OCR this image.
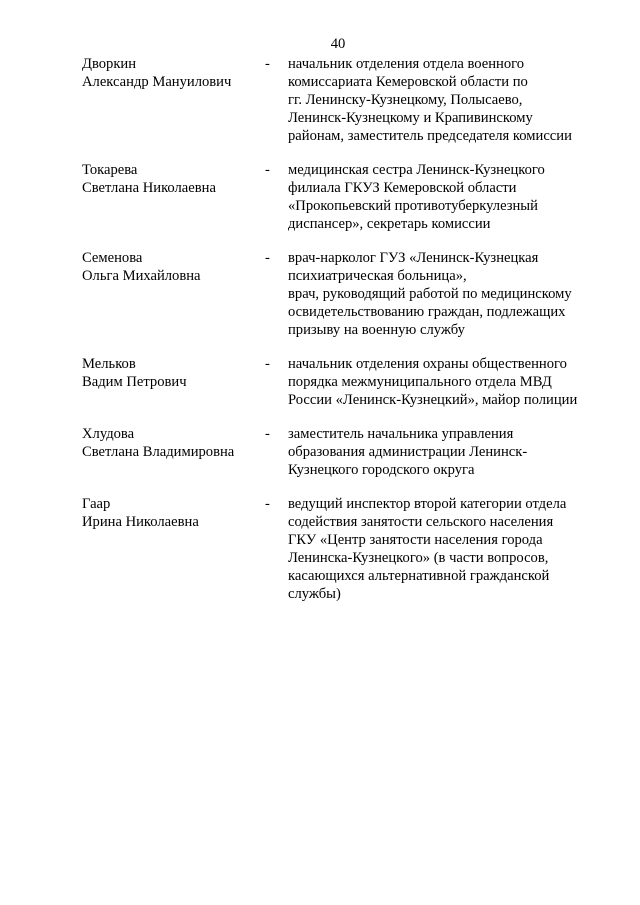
40
Дворкин
Александр Мануилович
- начальник отделения отдела военного
комиссариата Кемеровской области по
гг. Ленинску-Кузнецкому, Полысаево,
Ленинск-Кузнецкому и Крапивинскому
районам, заместитель председателя комиссии
Токарева
Светлана Николаевна
- медицинская сестра Ленинск-Кузнецкого
филиала ГКУЗ Кемеровской области
«Прокопьевский противотуберкулезный
диспансер», секретарь комиссии
Семенова
Ольга Михайловна
- врач-нарколог ГУЗ «Ленинск-Кузнецкая
психиатрическая больница»,
врач, руководящий работой по медицинскому
освидетельствованию граждан, подлежащих
призыву на военную службу
Мельков
Вадим Петрович
- начальник отделения охраны общественного
порядка межмуниципального отдела МВД
России «Ленинск-Кузнецкий», майор полиции
Хлудова
Светлана Владимировна
- заместитель начальника управления
образования администрации Ленинск-
Кузнецкого городского округа
Гаар
Ирина Николаевна
- ведущий инспектор второй категории отдела
содействия занятости сельского населения
ГКУ «Центр занятости населения города
Ленинска-Кузнецкого» (в части вопросов,
касающихся альтернативной гражданской
службы)
